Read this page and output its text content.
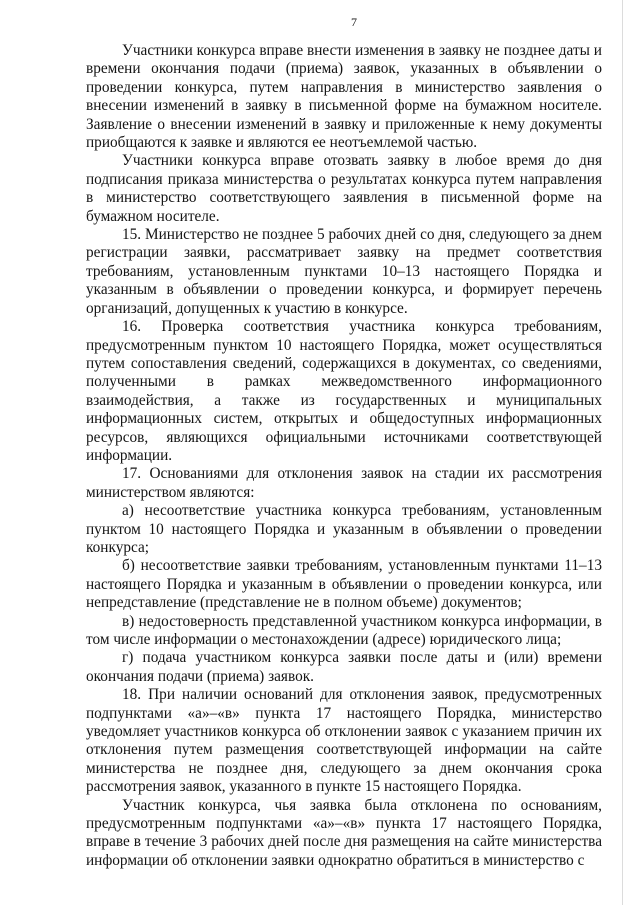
7

Участники конкурса вправе внести изменения в заявку не позднее даты и времени окончания подачи (приема) заявок, указанных в объявлении о проведении конкурса, путем направления в министерство заявления о внесении изменений в заявку в письменной форме на бумажном носителе. Заявление о внесении изменений в заявку и приложенные к нему документы приобщаются к заявке и являются ее неотъемлемой частью.

Участники конкурса вправе отозвать заявку в любое время до дня подписания приказа министерства о результатах конкурса путем направления в министерство соответствующего заявления в письменной форме на бумажном носителе.

15. Министерство не позднее 5 рабочих дней со дня, следующего за днем регистрации заявки, рассматривает заявку на предмет соответствия требованиям, установленным пунктами 10–13 настоящего Порядка и указанным в объявлении о проведении конкурса, и формирует перечень организаций, допущенных к участию в конкурсе.

16. Проверка соответствия участника конкурса требованиям, предусмотренным пунктом 10 настоящего Порядка, может осуществляться путем сопоставления сведений, содержащихся в документах, со сведениями, полученными в рамках межведомственного информационного взаимодействия, а также из государственных и муниципальных информационных систем, открытых и общедоступных информационных ресурсов, являющихся официальными источниками соответствующей информации.

17. Основаниями для отклонения заявок на стадии их рассмотрения министерством являются:

а) несоответствие участника конкурса требованиям, установленным пунктом 10 настоящего Порядка и указанным в объявлении о проведении конкурса;

б) несоответствие заявки требованиям, установленным пунктами 11–13 настоящего Порядка и указанным в объявлении о проведении конкурса, или непредставление (представление не в полном объеме) документов;

в) недостоверность представленной участником конкурса информации, в том числе информации о местонахождении (адресе) юридического лица;

г) подача участником конкурса заявки после даты и (или) времени окончания подачи (приема) заявок.

18. При наличии оснований для отклонения заявок, предусмотренных подпунктами «а»–«в» пункта 17 настоящего Порядка, министерство уведомляет участников конкурса об отклонении заявок с указанием причин их отклонения путем размещения соответствующей информации на сайте министерства не позднее дня, следующего за днем окончания срока рассмотрения заявок, указанного в пункте 15 настоящего Порядка.

Участник конкурса, чья заявка была отклонена по основаниям, предусмотренным подпунктами «а»–«в» пункта 17 настоящего Порядка, вправе в течение 3 рабочих дней после дня размещения на сайте министерства информации об отклонении заявки однократно обратиться в министерство с
